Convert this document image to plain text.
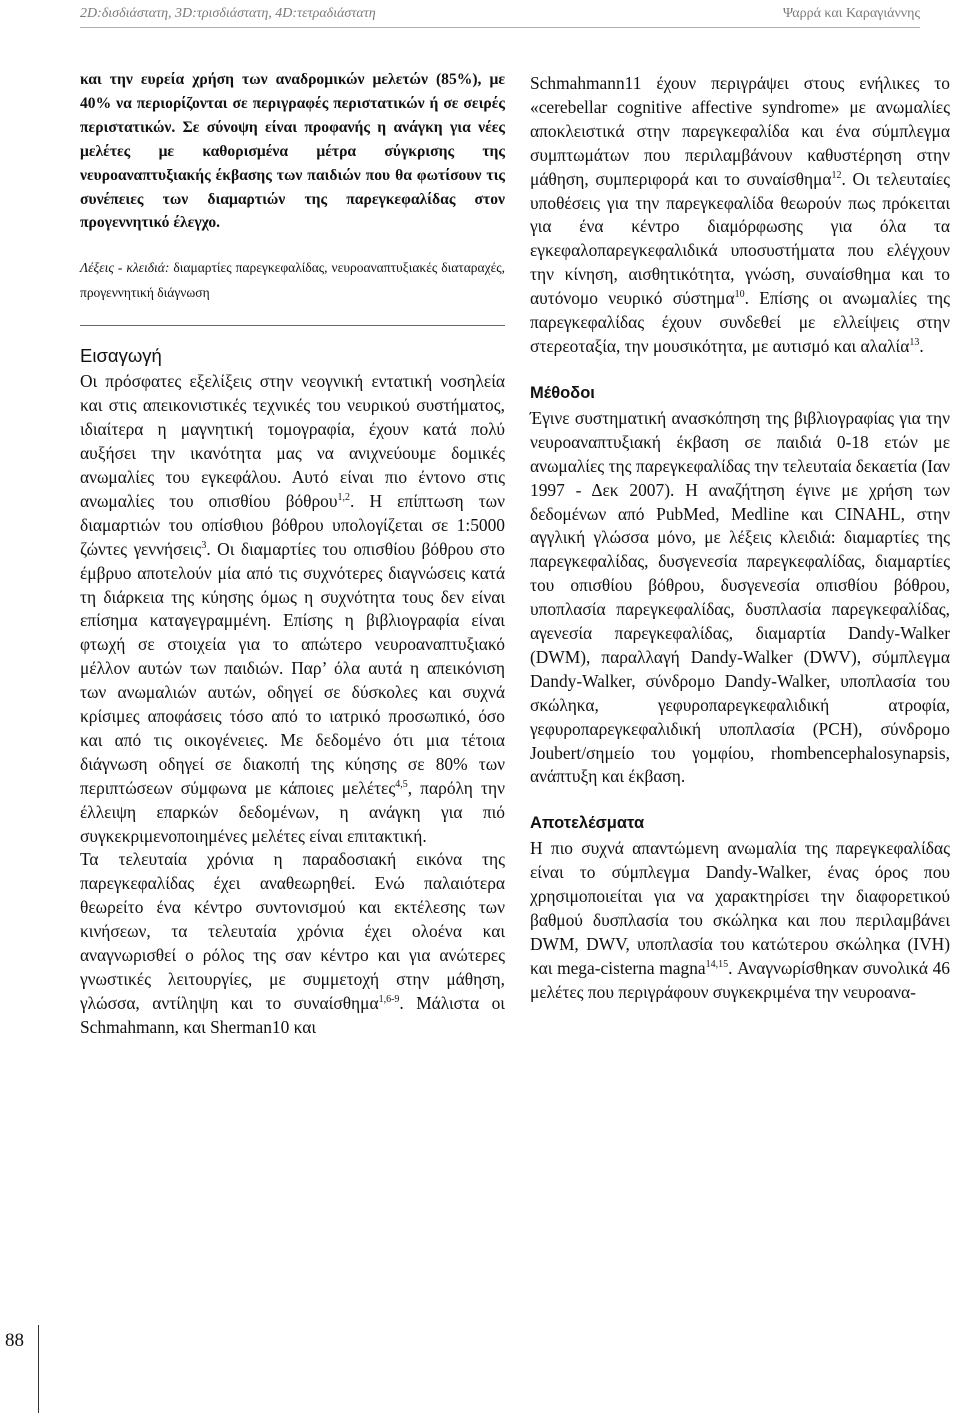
2D:δισδιάστατη, 3D:τρισδιάστατη, 4D:τετραδιάστατη	Ψαρρά και Καραγιάννης

και την ευρεία χρήση των αναδρομικών μελετών (85%), με 40% να περιορίζονται σε περιγραφές περιστατικών ή σε σειρές περιστατικών. Σε σύνοψη είναι προφανής η ανάγκη για νέες μελέτες με καθορισμένα μέτρα σύγκρισης της νευροαναπτυξιακής έκβασης των παιδιών που θα φωτίσουν τις συνέπειες των διαμαρτιών της παρεγκεφαλίδας στον προγεννητικό έλεγχο.

Λέξεις - κλειδιά: διαμαρτίες παρεγκεφαλίδας, νευροαναπτυξιακές διαταραχές, προγεννητική διάγνωση

Εισαγωγή

Οι πρόσφατες εξελίξεις στην νεογνική εντατική νοσηλεία και στις απεικονιστικές τεχνικές του νευρικού συστήματος, ιδιαίτερα η μαγνητική τομογραφία, έχουν κατά πολύ αυξήσει την ικανότητα μας να ανιχνεύουμε δομικές ανωμαλίες του εγκεφάλου. Αυτό είναι πιο έντονο στις ανωμαλίες του οπισθίου βόθρου$^{1,2}$. Η επίπτωση των διαμαρτιών του οπίσθιου βόθρου υπολογίζεται σε 1:5000 ζώντες γεννήσεις$^3$. Οι διαμαρτίες του οπισθίου βόθρου στο έμβρυο αποτελούν μία από τις συχνότερες διαγνώσεις κατά τη διάρκεια της κύησης όμως η συχνότητα τους δεν είναι επίσημα καταγεγραμμένη. Επίσης η βιβλιογραφία είναι φτωχή σε στοιχεία για το απώτερο νευροαναπτυξιακό μέλλον αυτών των παιδιών. Παρ’ όλα αυτά η απεικόνιση των ανωμαλιών αυτών, οδηγεί σε δύσκολες και συχνά κρίσιμες αποφάσεις τόσο από το ιατρικό προσωπικό, όσο και από τις οικογένειες. Με δεδομένο ότι μια τέτοια διάγνωση οδηγεί σε διακοπή της κύησης σε 80% των περιπτώσεων σύμφωνα με κάποιες μελέτες$^{4,5}$, παρόλη την έλλειψη επαρκών δεδομένων, η ανάγκη για πιό συγκεκριμενοποιημένες μελέτες είναι επιτακτική.

Τα τελευταία χρόνια η παραδοσιακή εικόνα της παρεγκεφαλίδας έχει αναθεωρηθεί. Ενώ παλαιότερα θεωρείτο ένα κέντρο συντονισμού και εκτέλεσης των κινήσεων, τα τελευταία χρόνια έχει ολοένα και αναγνωρισθεί ο ρόλος της σαν κέντρο και για ανώτερες γνωστικές λειτουργίες, με συμμετοχή στην μάθηση, γλώσσα, αντίληψη και το συναίσθημα$^{1,6-9}$. Μάλιστα οι Schmahmann, και Sherman10 και

Schmahmann11 έχουν περιγράψει στους ενήλικες το «cerebellar cognitive affective syndrome» με ανωμαλίες αποκλειστικά στην παρεγκεφαλίδα και ένα σύμπλεγμα συμπτωμάτων που περιλαμβάνουν καθυστέρηση στην μάθηση, συμπεριφορά και το συναίσθημα$^{12}$. Οι τελευταίες υποθέσεις για την παρεγκεφαλίδα θεωρούν πως πρόκειται για ένα κέντρο διαμόρφωσης για όλα τα εγκεφαλοπαρεγκεφαλιδικά υποσυστήματα που ελέγχουν την κίνηση, αισθητικότητα, γνώση, συναίσθημα και το αυτόνομο νευρικό σύστημα$^{10}$. Επίσης οι ανωμαλίες της παρεγκεφαλίδας έχουν συνδεθεί με ελλείψεις στην στερεοταξία, την μουσικότητα, με αυτισμό και αλαλία$^{13}$.

Μέθοδοι

Έγινε συστηματική ανασκόπηση της βιβλιογραφίας για την νευροαναπτυξιακή έκβαση σε παιδιά 0-18 ετών με ανωμαλίες της παρεγκεφαλίδας την τελευταία δεκαετία (Ιαν 1997 - Δεκ 2007). Η αναζήτηση έγινε με χρήση των δεδομένων από PubMed, Medline και CINAHL, στην αγγλική γλώσσα μόνο, με λέξεις κλειδιά: διαμαρτίες της παρεγκεφαλίδας, δυσγενεσία παρεγκεφαλίδας, διαμαρτίες του οπισθίου βόθρου, δυσγενεσία οπισθίου βόθρου, υποπλασία παρεγκεφαλίδας, δυσπλασία παρεγκεφαλίδας, αγενεσία παρεγκεφαλίδας, διαμαρτία Dandy-Walker (DWM), παραλλαγή Dandy-Walker (DWV), σύμπλεγμα Dandy-Walker, σύνδρομο Dandy-Walker, υποπλασία του σκώληκα, γεφυροπαρεγκεφαλιδική ατροφία, γεφυροπαρεγκεφαλιδική υποπλασία (PCH), σύνδρομο Joubert/σημείο του γομφίου, rhombencephalosynapsis, ανάπτυξη και έκβαση.

Αποτελέσματα

Η πιο συχνά απαντώμενη ανωμαλία της παρεγκεφαλίδας είναι το σύμπλεγμα Dandy-Walker, ένας όρος που χρησιμοποιείται για να χαρακτηρίσει την διαφορετικού βαθμού δυσπλασία του σκώληκα και που περιλαμβάνει DWM, DWV, υποπλασία του κατώτερου σκώληκα (IVH) και mega-cisterna magna$^{14,15}$. Αναγνωρίσθηκαν συνολικά 46 μελέτες που περιγράφουν συγκεκριμένα την νευροανα-

88
